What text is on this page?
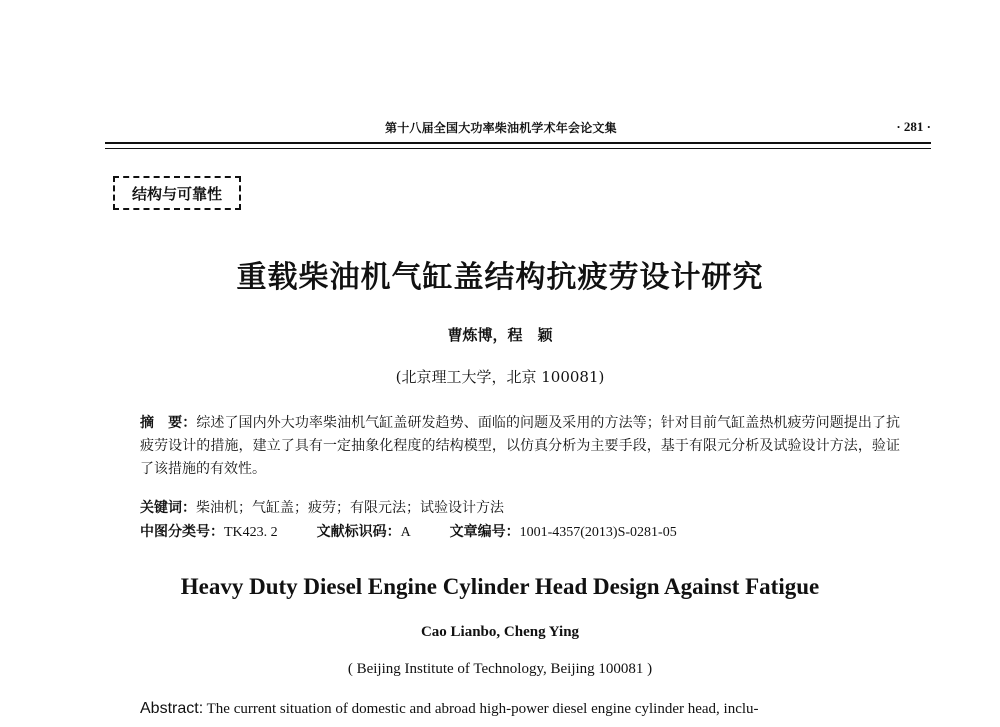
第十八届全国大功率柴油机学术年会论文集	· 281 ·
结构与可靠性
重载柴油机气缸盖结构抗疲劳设计研究
曹炼博，程　颖
(北京理工大学，北京 100081)
摘　要：综述了国内外大功率柴油机气缸盖研发趋势、面临的问题及采用的方法等；针对目前气缸盖热机疲劳问题提出了抗疲劳设计的措施，建立了具有一定抽象化程度的结构模型，以仿真分析为主要手段，基于有限元分析及试验设计方法，验证了该措施的有效性。
关键词：柴油机；气缸盖；疲劳；有限元法；试验设计方法
中图分类号：TK423. 2	文献标识码：A	文章编号：1001-4357(2013)S-0281-05
Heavy Duty Diesel Engine Cylinder Head Design Against Fatigue
Cao Lianbo, Cheng Ying
( Beijing Institute of Technology, Beijing 100081 )
Abstract: The current situation of domestic and abroad high-power diesel engine cylinder head, inclu-
